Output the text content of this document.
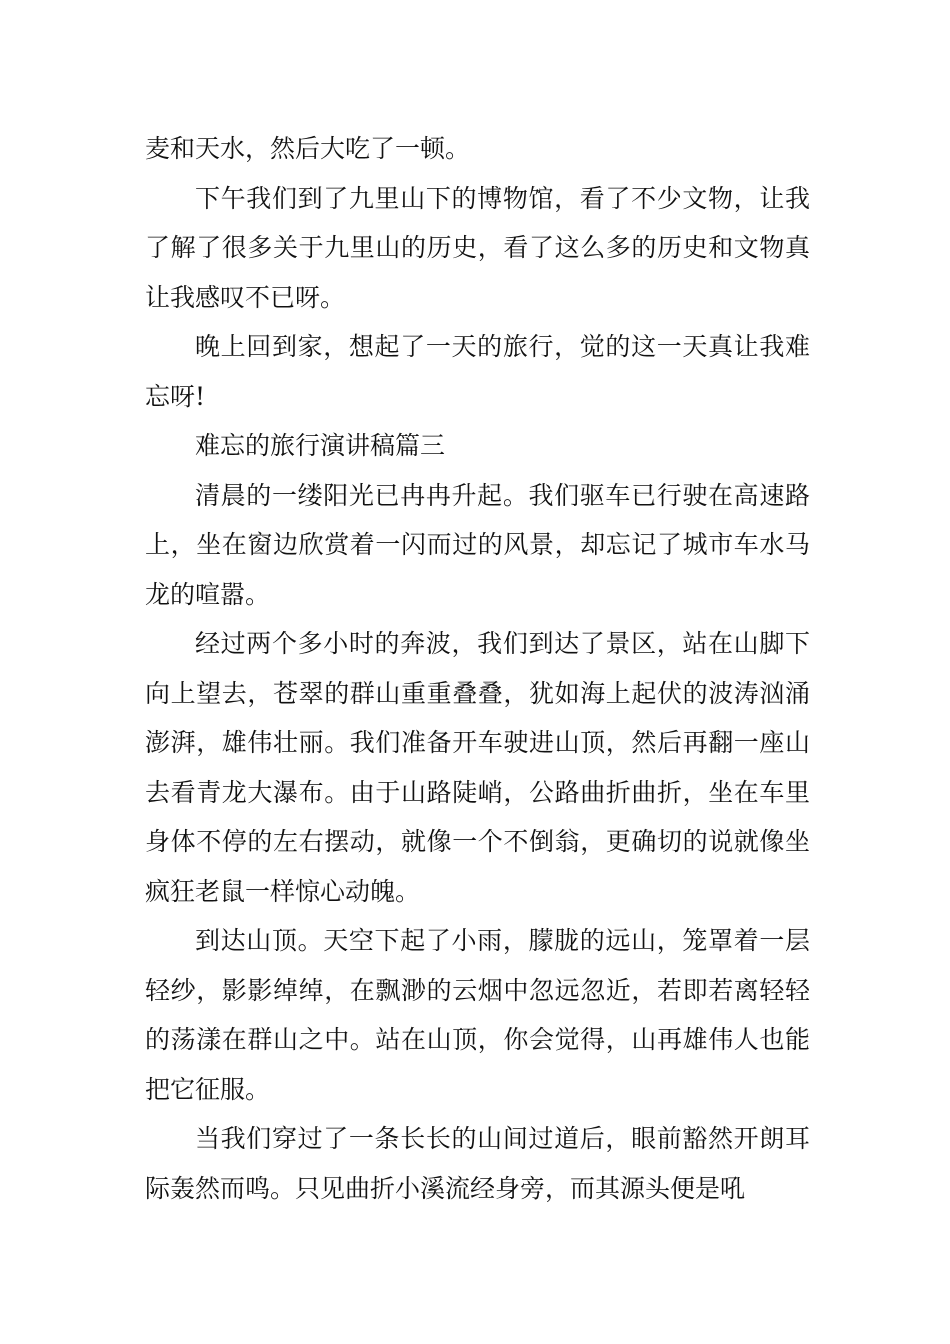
麦和天水，然后大吃了一顿。

下午我们到了九里山下的博物馆，看了不少文物，让我了解了很多关于九里山的历史，看了这么多的历史和文物真让我感叹不已呀。

晚上回到家，想起了一天的旅行，觉的这一天真让我难忘呀!

难忘的旅行演讲稿篇三

清晨的一缕阳光已冉冉升起。我们驱车已行驶在高速路上，坐在窗边欣赏着一闪而过的风景，却忘记了城市车水马龙的喧嚣。

经过两个多小时的奔波，我们到达了景区，站在山脚下向上望去，苍翠的群山重重叠叠，犹如海上起伏的波涛汹涌澎湃，雄伟壮丽。我们准备开车驶进山顶，然后再翻一座山去看青龙大瀑布。由于山路陡峭，公路曲折曲折，坐在车里身体不停的左右摆动，就像一个不倒翁，更确切的说就像坐疯狂老鼠一样惊心动魄。

到达山顶。天空下起了小雨，朦胧的远山，笼罩着一层轻纱，影影绰绰，在飘渺的云烟中忽远忽近，若即若离轻轻的荡漾在群山之中。站在山顶，你会觉得，山再雄伟人也能把它征服。

当我们穿过了一条长长的山间过道后，眼前豁然开朗耳际轰然而鸣。只见曲折小溪流经身旁，而其源头便是吼
